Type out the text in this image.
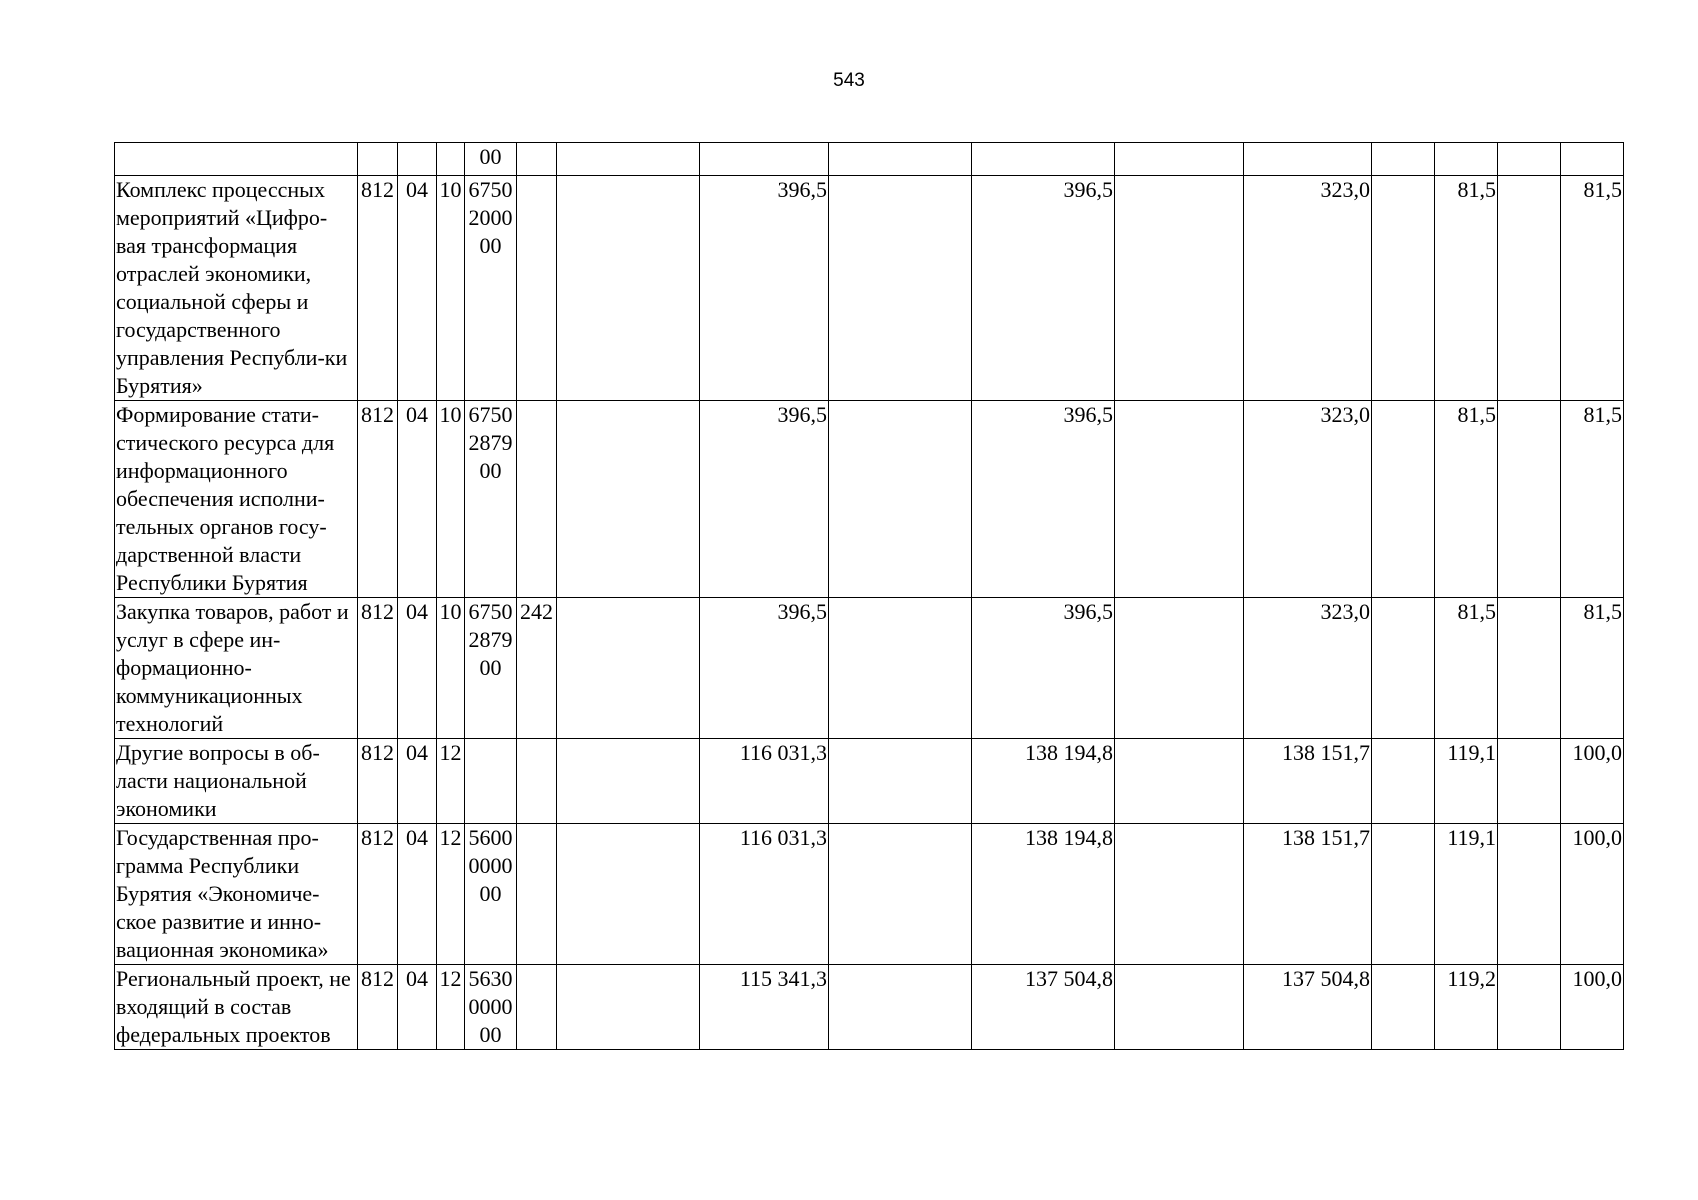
543
				00											
Комплекс процессных мероприятий «Цифро-вая трансформация отраслей экономики, социальной сферы и государственного управления Республи-ки Бурятия»	812	04	10	6750 2000 00			396,5		396,5		323,0		81,5		81,5
Формирование стати-стического ресурса для информационного обеспечения исполни-тельных органов госу-дарственной власти Республики Бурятия	812	04	10	6750 2879 00			396,5		396,5		323,0		81,5		81,5
Закупка товаров, работ и услуг в сфере ин-формационно-коммуникационных технологий	812	04	10	6750 2879 00	242		396,5		396,5		323,0		81,5		81,5
Другие вопросы в об-ласти национальной экономики	812	04	12				116 031,3		138 194,8		138 151,7		119,1		100,0
Государственная про-грамма Республики Бурятия «Экономиче-ское развитие и инно-вационная экономика»	812	04	12	5600 0000 00			116 031,3		138 194,8		138 151,7		119,1		100,0
Региональный проект, не входящий в состав федеральных проектов	812	04	12	5630 0000 00			115 341,3		137 504,8		137 504,8		119,2		100,0
